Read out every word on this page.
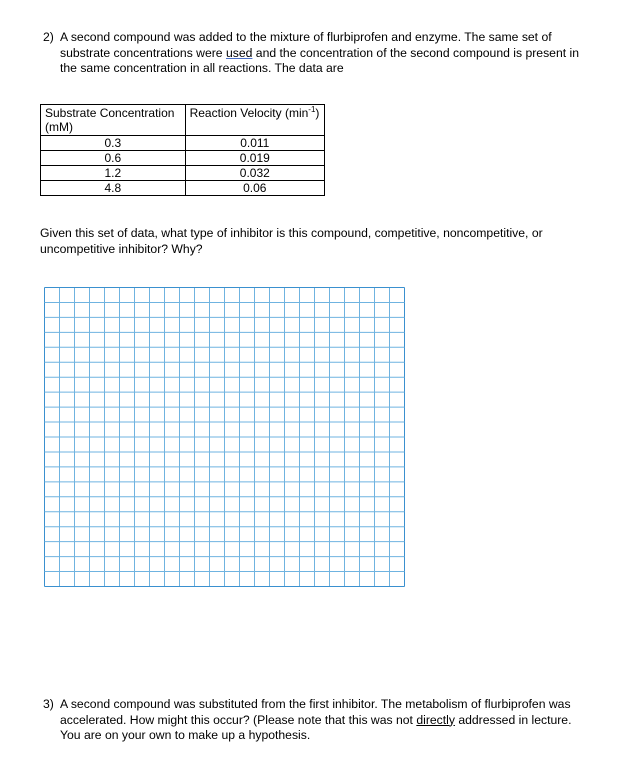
2) A second compound was added to the mixture of flurbiprofen and enzyme. The same set of substrate concentrations were used and the concentration of the second compound is present in the same concentration in all reactions. The data are
Substrate Concentration (mM)	Reaction Velocity $(\min^{-1})$
0.3	0.011
0.6	0.019
1.2	0.032
4.8	0.06
Given this set of data, what type of inhibitor is this compound, competitive, noncompetitive, or uncompetitive inhibitor? Why?
3) A second compound was substituted from the first inhibitor. The metabolism of flurbiprofen was accelerated. How might this occur? (Please note that this was not directly addressed in lecture. You are on your own to make up a hypothesis.
